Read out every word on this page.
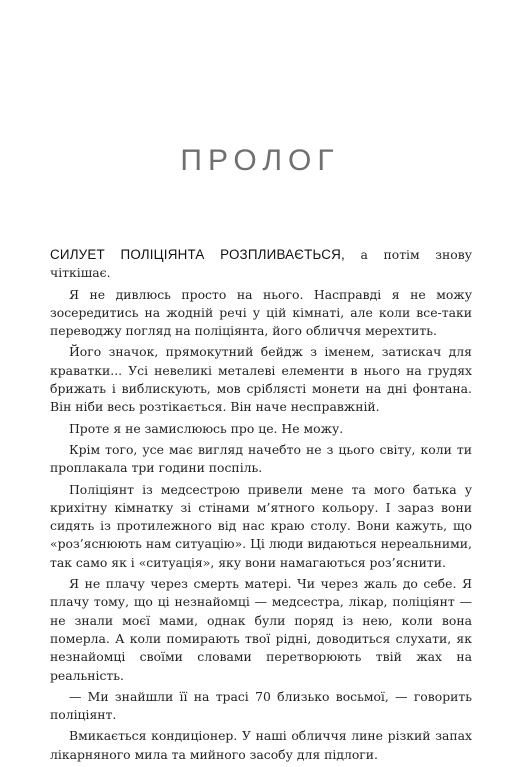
ПРОЛОГ

СИЛУЕТ ПОЛІЦІЯНТА РОЗПЛИВАЄТЬСЯ, а потім знову чіткішає.

Я не дивлюсь просто на нього. Насправді я не можу зосередитись на жодній речі у цій кімнаті, але коли все-таки переводжу погляд на поліціянта, його обличчя мерехтить.

Його значок, прямокутний бейдж з іменем, затискач для краватки... Усі невеликі металеві елементи в нього на грудях брижать і виблискують, мов сріблясті монети на дні фонтана. Він ніби весь розтікається. Він наче несправжній.

Проте я не замислююсь про це. Не можу.

Крім того, усе має вигляд начебто не з цього світу, коли ти проплакала три години поспіль.

Поліціянт із медсестрою привели мене та мого батька у крихітну кімнатку зі стінами м’ятного кольору. І зараз вони сидять із протилежного від нас краю столу. Вони кажуть, що «роз’яснюють нам ситуацію». Ці люди видаються нереальними, так само як і «ситуація», яку вони намагаються роз’яснити.

Я не плачу через смерть матері. Чи через жаль до себе. Я плачу тому, що ці незнайомці — медсестра, лікар, поліціянт — не знали моєї мами, однак були поряд із нею, коли вона померла. А коли помирають твої рідні, доводиться слухати, як незнайомці своїми словами перетворюють твій жах на реальність.

— Ми знайшли її на трасі 70 близько восьмої, — говорить поліціянт.

Вмикається кондиціонер. У наші обличчя лине різкий запах лікарняного мила та мийного засобу для підлоги.
